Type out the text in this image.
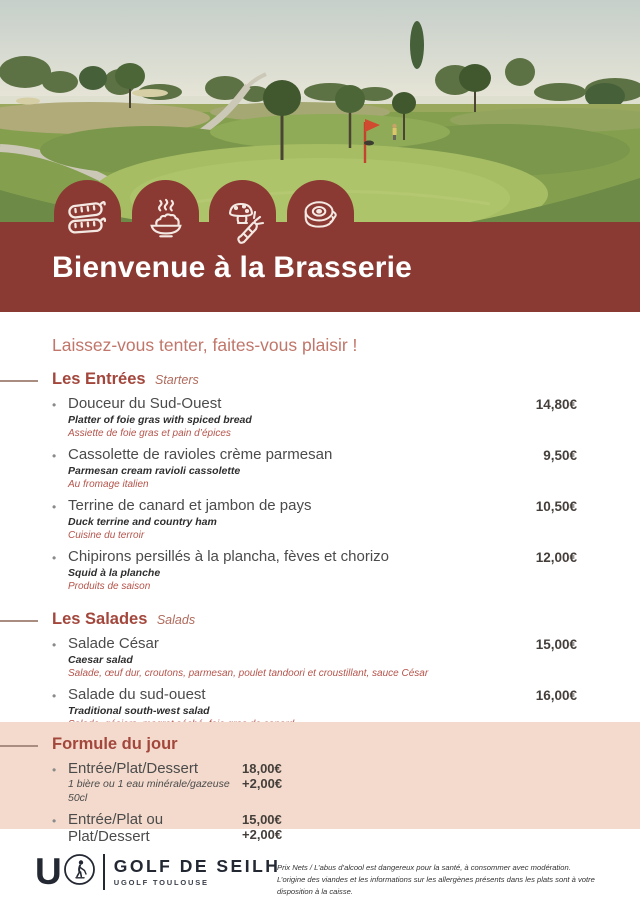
Bienvenue à la Brasserie

Laissez-vous tenter, faites-vous plaisir !

Les Entrées Starters
• Douceur du Sud-Ouest
Platter of foie gras with spiced bread
Assiette de foie gras et pain d’épices
14,80€
• Cassolette de ravioles crème parmesan
Parmesan cream ravioli cassolette
Au fromage italien
9,50€
• Terrine de canard et jambon de pays
Duck terrine and country ham
Cuisine du terroir
10,50€
• Chipirons persillés à la plancha, fèves et chorizo
Squid à la planche
Produits de saison
12,00€
Les Salades Salads
• Salade César
Caesar salad
Salade, œuf dur, croutons, parmesan, poulet tandoori et croustillant, sauce César
15,00€
• Salade du sud-ouest
Traditional south-west salad
16,00€
Formule du jour
• Entrée/Plat/Dessert
1 bière ou 1 eau minérale/gazeuse 50cl
18,00€
+2,00€
• Entrée/Plat ou Plat/Dessert
15,00€
+2,00€
U	GOLF DE SEILH
UGOLF TOULOUSE
Prix Nets / L’abus d’alcool est dangereux pour la santé, à consommer avec modération.
L’origine des viandes et les informations sur les allergènes présents dans les plats sont à votre disposition à la caisse.
